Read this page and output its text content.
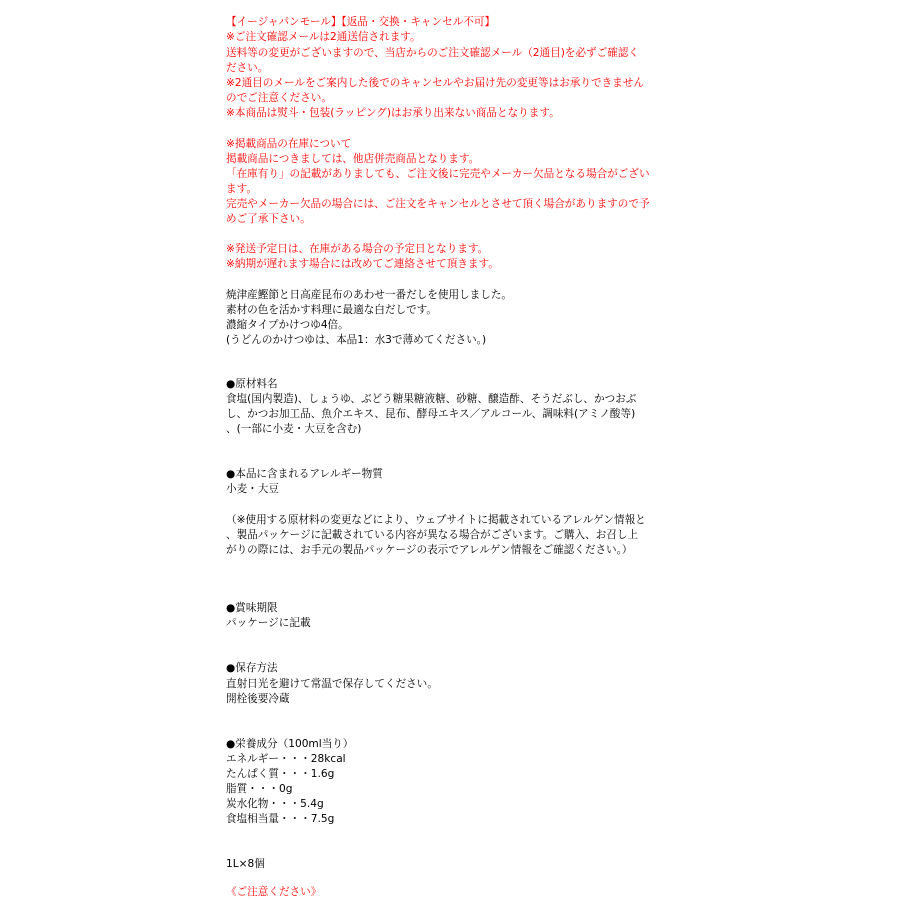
【イージャパンモール】【返品・交換・キャンセル不可】
※ご注文確認メールは2通送信されます。
送料等の変更がございますので、当店からのご注文確認メール（2通目)を必ずご確認く
ださい。
※2通目のメールをご案内した後でのキャンセルやお届け先の変更等はお承りできません
のでご注意ください。
※本商品は熨斗・包装(ラッピング)はお承り出来ない商品となります。
※掲載商品の在庫について
掲載商品につきましては、他店併売商品となります。
「在庫有り」の記載がありましても、ご注文後に完売やメーカー欠品となる場合がござい
ます。
完売やメーカー欠品の場合には、ご注文をキャンセルとさせて頂く場合がありますので予
めご了承下さい。
※発送予定日は、在庫がある場合の予定日となります。
※納期が遅れます場合には改めてご連絡させて頂きます。
焼津産鰹節と日高産昆布のあわせ一番だしを使用しました。
素材の色を活かす料理に最適な白だしです。
濃縮タイプかけつゆ4倍。
(うどんのかけつゆは、本品1：水3で薄めてください。)
●原材料名
食塩(国内製造)、しょうゆ、ぶどう糖果糖液糖、砂糖、醸造酢、そうだぶし、かつおぶ
し、かつお加工品、魚介エキス、昆布、酵母エキス／アルコール、調味料(アミノ酸等)
、(一部に小麦・大豆を含む)
●本品に含まれるアレルギー物質
小麦・大豆
（※使用する原材料の変更などにより、ウェブサイトに掲載されているアレルゲン情報と
、製品パッケージに記載されている内容が異なる場合がございます。ご購入、お召し上
がりの際には、お手元の製品パッケージの表示でアレルゲン情報をご確認ください。）
●賞味期限
パッケージに記載
●保存方法
直射日光を避けて常温で保存してください。
開栓後要冷蔵
●栄養成分（100ml当り）
エネルギー・・・28kcal
たんぱく質・・・1.6g
脂質・・・0g
炭水化物・・・5.4g
食塩相当量・・・7.5g
1L×8個
《ご注意ください》
